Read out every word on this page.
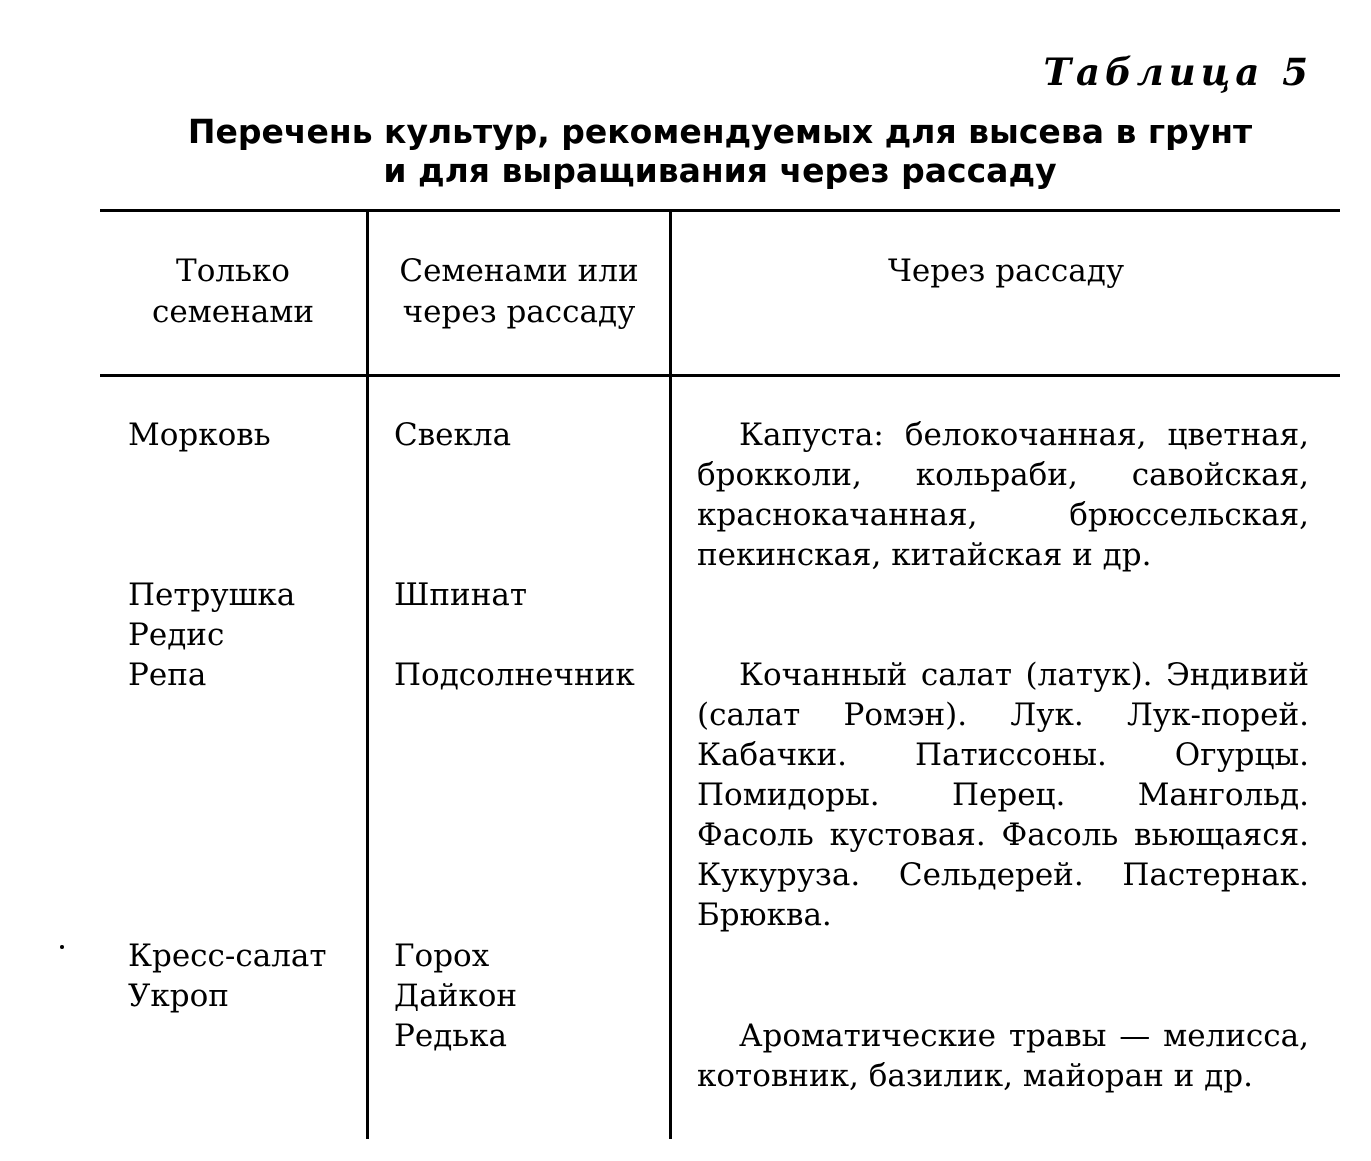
Таблица 5
Перечень культур, рекомендуемых для высева в грунт
и для выращивания через рассаду
Только семенами
Семенами или через рассаду
Через рассаду
Морковь
Петрушка
Редис
Репа
Кресс-салат
Укроп
Свекла
Шпинат
Подсолнечник
Горох
Дайкон
Редька
Капуста: белокочанная, цветная, брокколи, кольраби, савойская, краснокачанная, брюссельская, пекинская, китайская и др.
Кочанный салат (латук). Эндивий (салат Ромэн). Лук. Лук-порей. Кабачки. Патиссоны. Огурцы. Помидоры. Перец. Мангольд. Фасоль кустовая. Фасоль вьющаяся. Кукуруза. Сельдерей. Пастернак. Брюква.
Ароматические травы — мелисса, котовник, базилик, майоран и др.
